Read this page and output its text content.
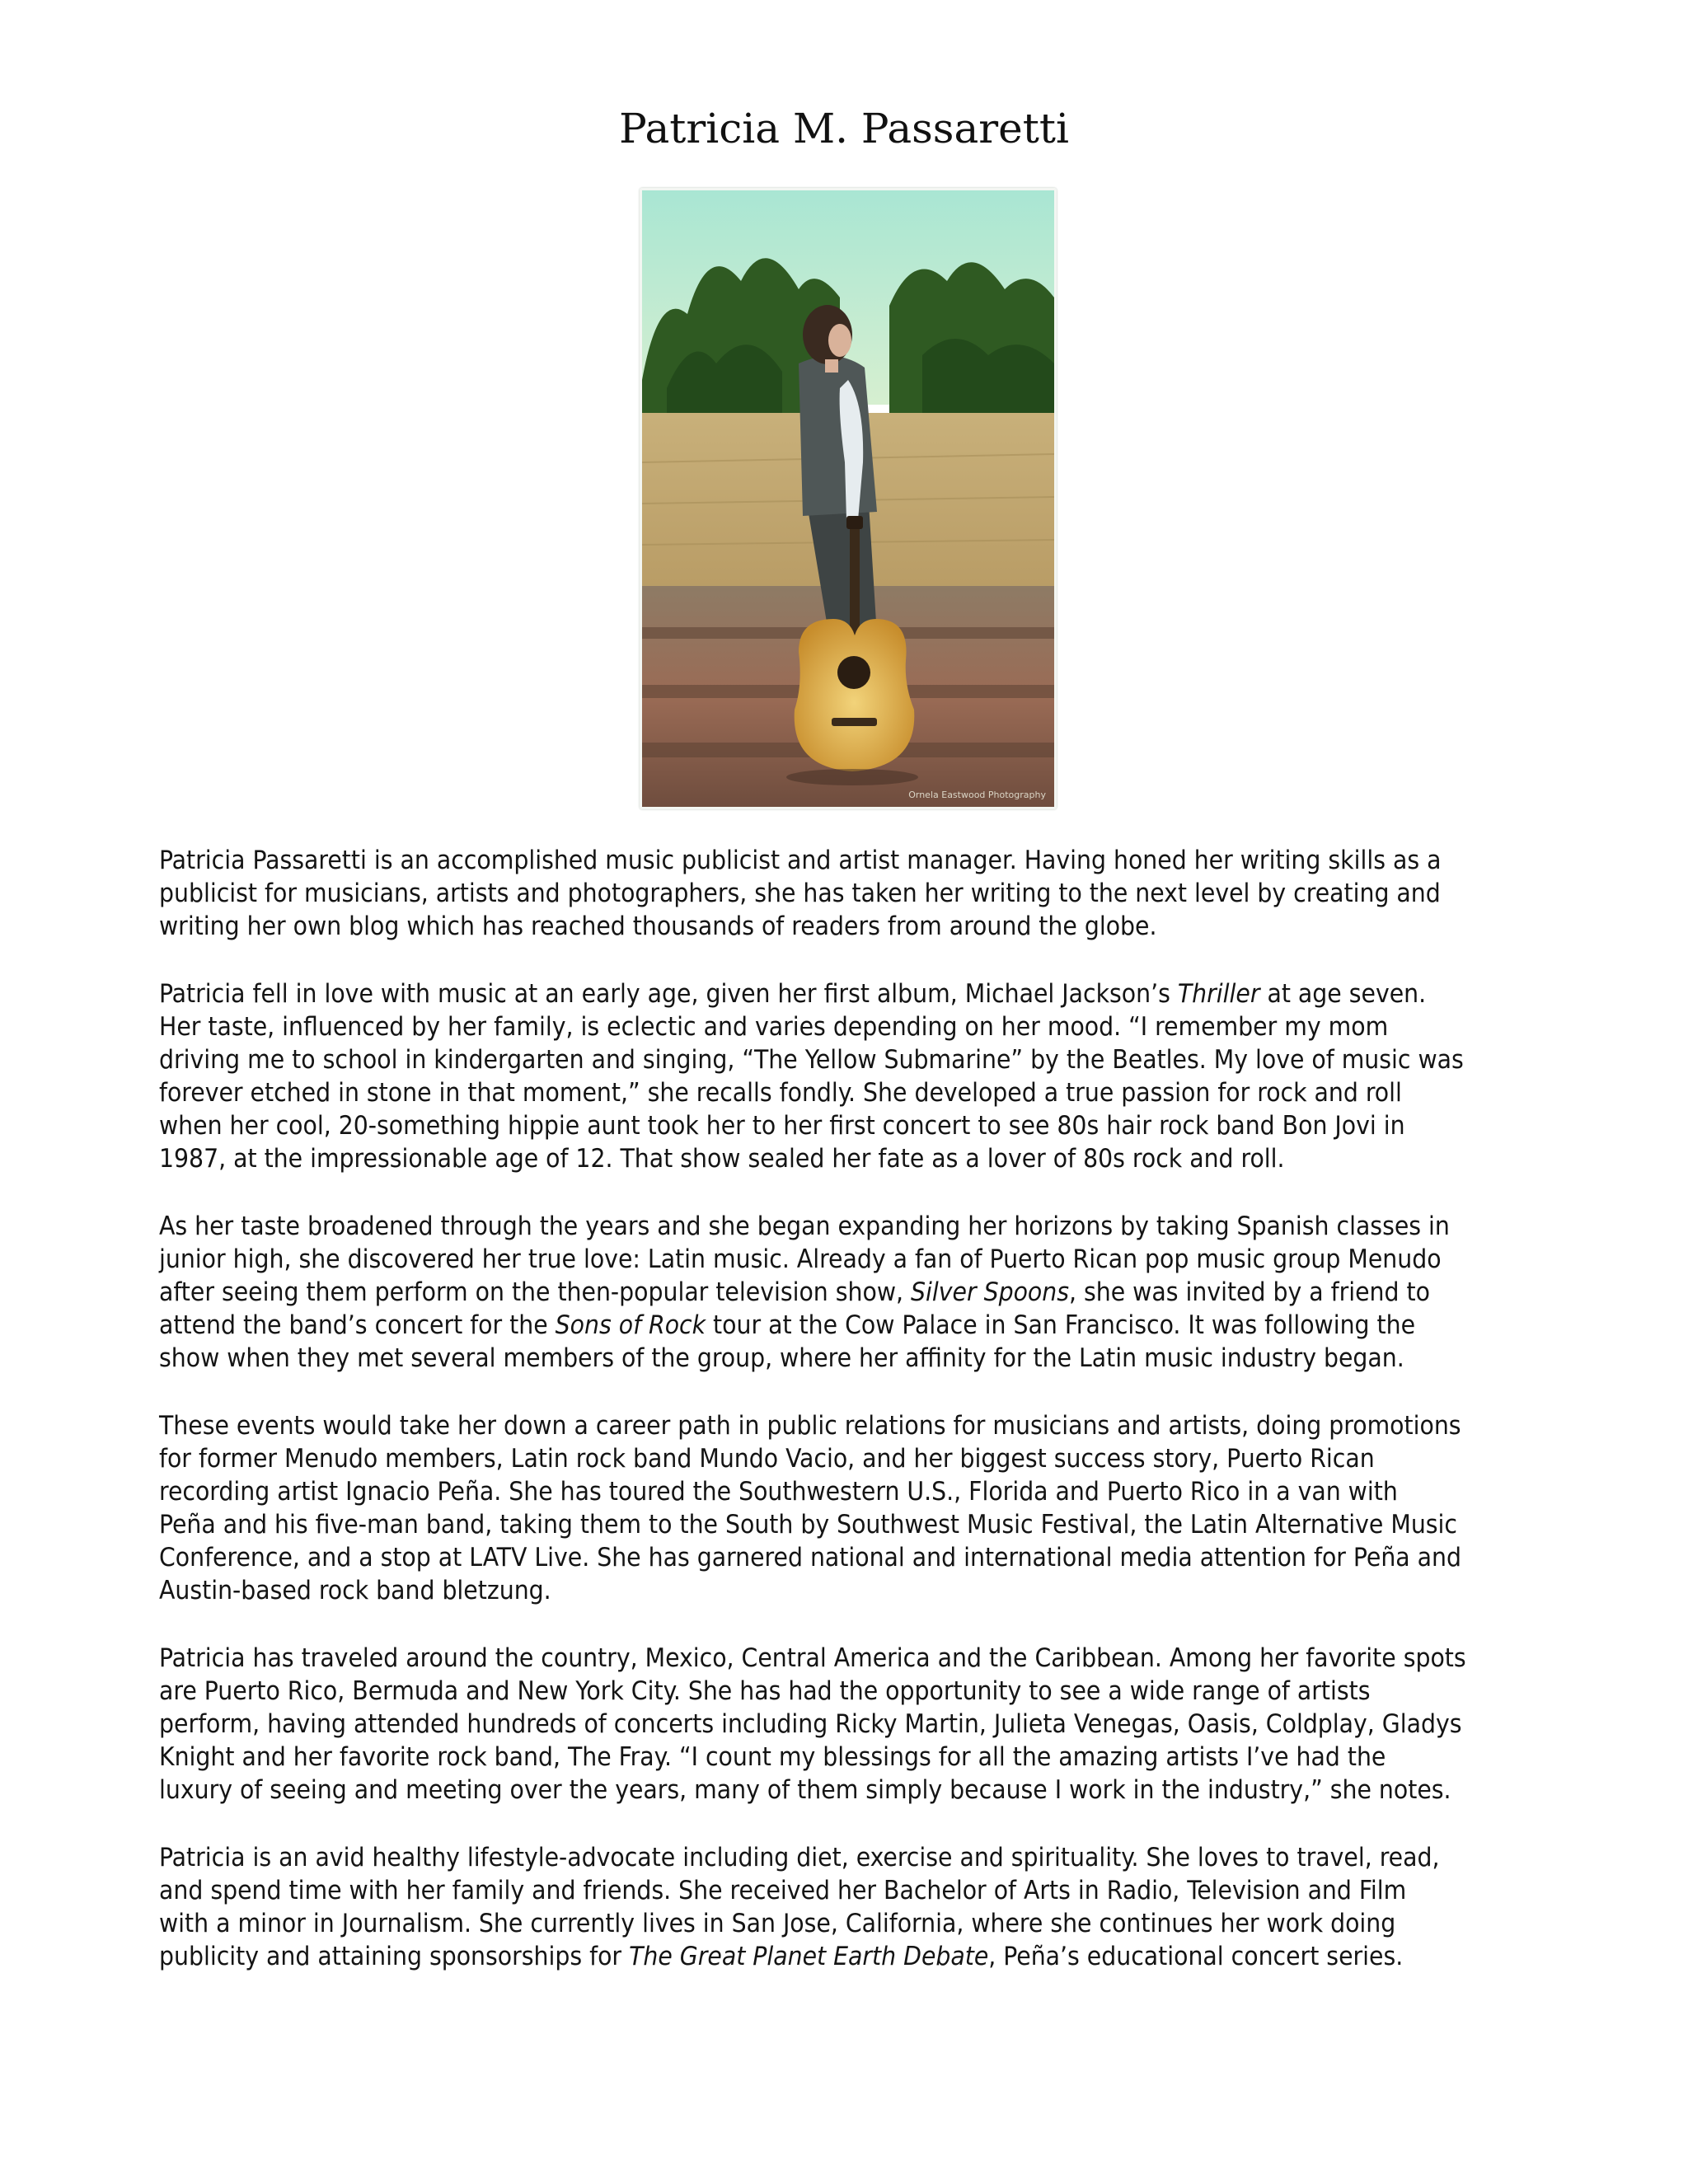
Patricia M. Passaretti
Ornela Eastwood Photography

Patricia Passaretti is an accomplished music publicist and artist manager. Having honed her writing skills as a
publicist for musicians, artists and photographers, she has taken her writing to the next level by creating and
writing her own blog which has reached thousands of readers from around the globe.

Patricia fell in love with music at an early age, given her first album, Michael Jackson’s Thriller at age seven.
Her taste, influenced by her family, is eclectic and varies depending on her mood. “I remember my mom
driving me to school in kindergarten and singing, “The Yellow Submarine” by the Beatles. My love of music was
forever etched in stone in that moment,” she recalls fondly. She developed a true passion for rock and roll
when her cool, 20-something hippie aunt took her to her first concert to see 80s hair rock band Bon Jovi in
1987, at the impressionable age of 12. That show sealed her fate as a lover of 80s rock and roll.

As her taste broadened through the years and she began expanding her horizons by taking Spanish classes in
junior high, she discovered her true love: Latin music. Already a fan of Puerto Rican pop music group Menudo
after seeing them perform on the then-popular television show, Silver Spoons, she was invited by a friend to
attend the band’s concert for the Sons of Rock tour at the Cow Palace in San Francisco. It was following the
show when they met several members of the group, where her affinity for the Latin music industry began.

These events would take her down a career path in public relations for musicians and artists, doing promotions
for former Menudo members, Latin rock band Mundo Vacio, and her biggest success story, Puerto Rican
recording artist Ignacio Peña. She has toured the Southwestern U.S., Florida and Puerto Rico in a van with
Peña and his five-man band, taking them to the South by Southwest Music Festival, the Latin Alternative Music
Conference, and a stop at LATV Live. She has garnered national and international media attention for Peña and
Austin-based rock band bletzung.

Patricia has traveled around the country, Mexico, Central America and the Caribbean. Among her favorite spots
are Puerto Rico, Bermuda and New York City. She has had the opportunity to see a wide range of artists
perform, having attended hundreds of concerts including Ricky Martin, Julieta Venegas, Oasis, Coldplay, Gladys
Knight and her favorite rock band, The Fray. “I count my blessings for all the amazing artists I’ve had the
luxury of seeing and meeting over the years, many of them simply because I work in the industry,” she notes.

Patricia is an avid healthy lifestyle-advocate including diet, exercise and spirituality. She loves to travel, read,
and spend time with her family and friends. She received her Bachelor of Arts in Radio, Television and Film
with a minor in Journalism. She currently lives in San Jose, California, where she continues her work doing
publicity and attaining sponsorships for The Great Planet Earth Debate, Peña’s educational concert series.
